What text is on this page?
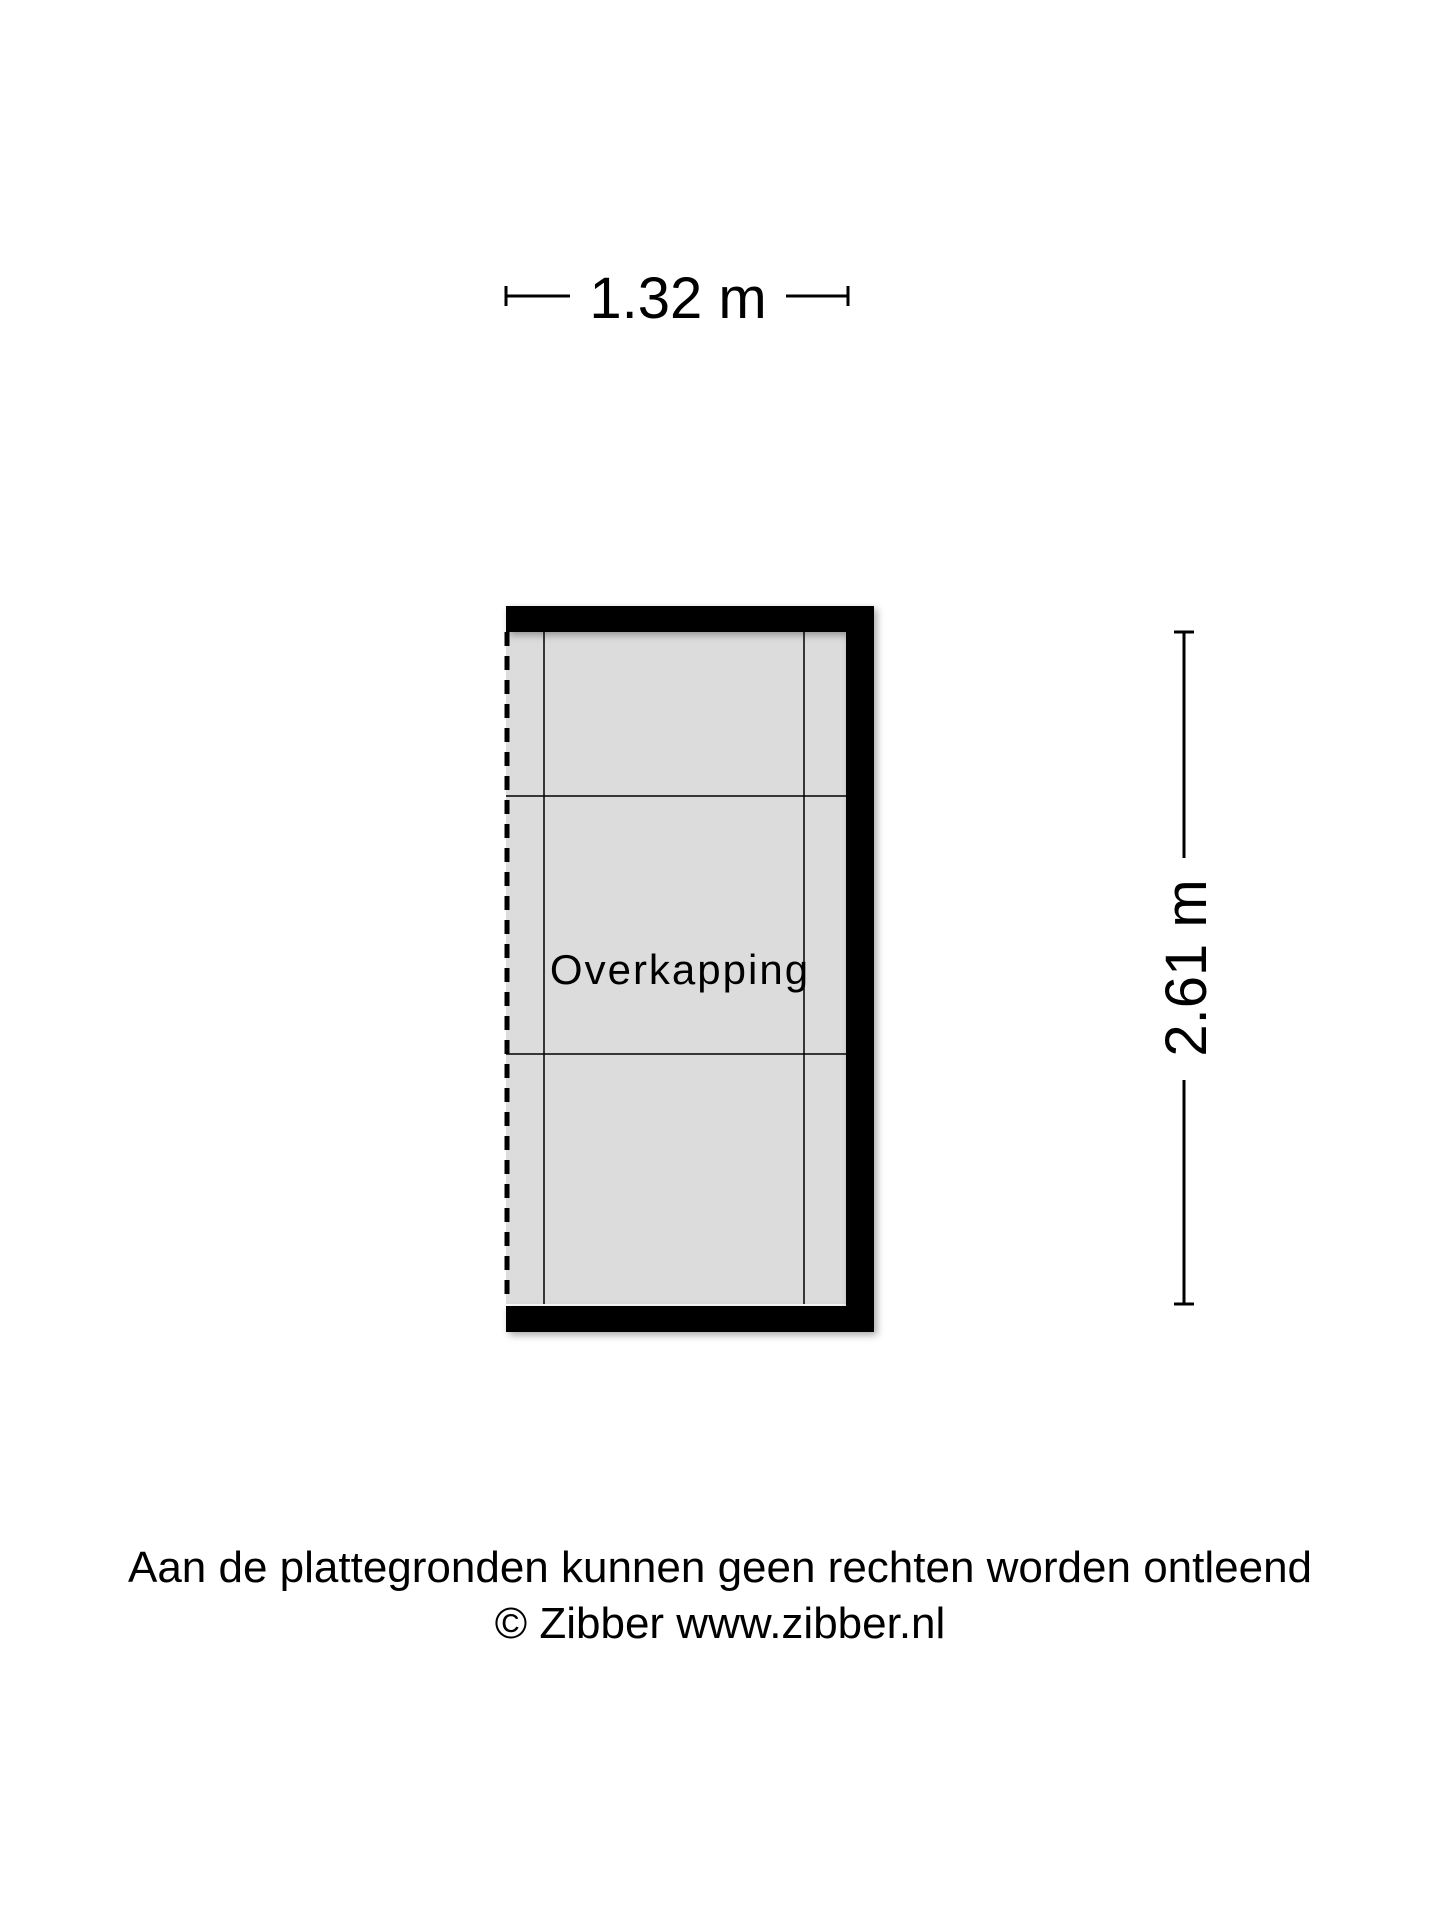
1.32 m
2.61 m
Overkapping
Aan de plattegronden kunnen geen rechten worden ontleend
© Zibber www.zibber.nl
